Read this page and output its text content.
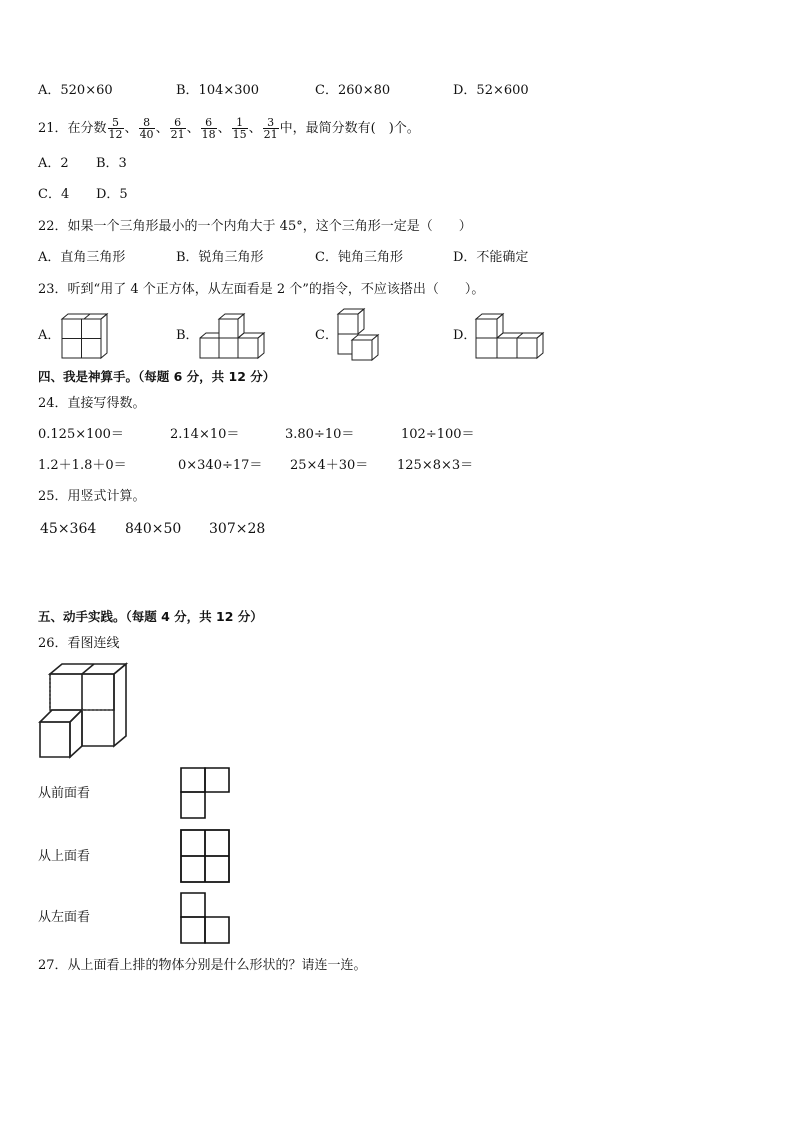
A．520×60	B．104×300	C．260×80	D．52×600
21．在分数 $\frac{5}{12}$ 、 $\frac{8}{40}$ 、 $\frac{6}{21}$ 、 $\frac{6}{18}$ 、 $\frac{1}{15}$ 、 $\frac{3}{21}$ 中，最简分数有(　)个。
A．2 B．3
C．4 D．5
22．如果一个三角形最小的一个内角大于 45°，这个三角形一定是（　　）
A．直角三角形	B．锐角三角形	C．钝角三角形	D．不能确定
23．听到“用了 4 个正方体，从左面看是 2 个”的指令，不应该搭出（　　）。
A．	B．	C．	D．
四、我是神算手。（每题 6 分，共 12 分）
24．直接写得数。
0.125×100＝	2.14×10＝	3.80÷10＝	102÷100＝
1.2＋1.8＋0＝	0×340÷17＝ 25×4＋30＝ 125×8×3＝
25．用竖式计算。
45×364 840×50 307×28
五、动手实践。（每题 4 分，共 12 分）
26．看图连线
从前面看
从上面看
从左面看
27．从上面看上排的物体分别是什么形状的？请连一连。
